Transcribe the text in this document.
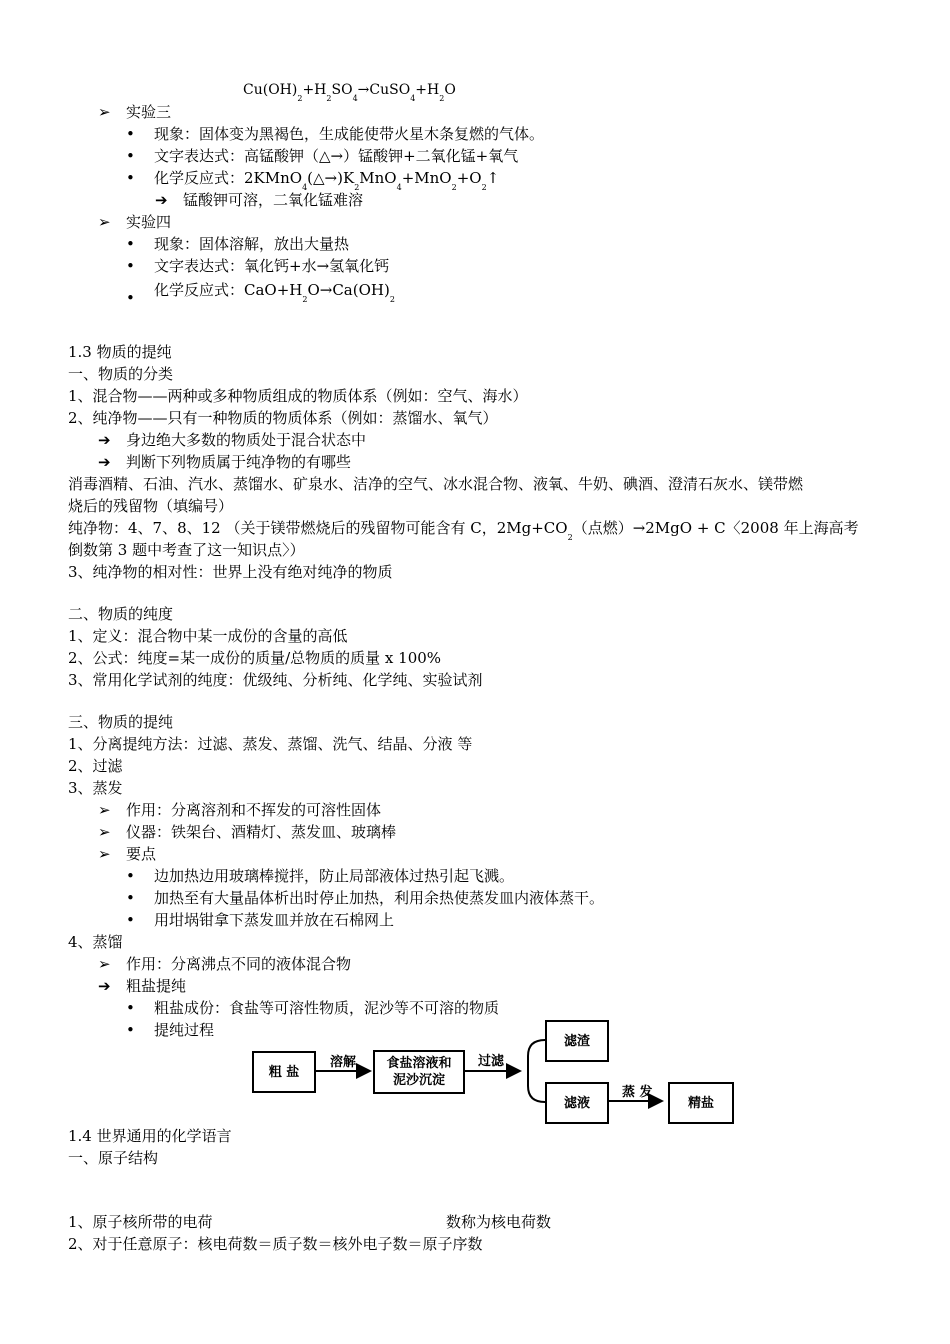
$Cu(OH)_2+H_2SO_4\to CuSO_4+H_2O$
➢ 实验三
• 现象：固体变为黑褐色，生成能使带火星木条复燃的气体。
• 文字表达式：高锰酸钾（△→）锰酸钾+二氧化锰+氧气
• 化学反应式：$2KMnO_4(\triangle\to)K_2MnO_4+MnO_2+O_2↑$
➔ 锰酸钾可溶，二氧化锰难溶
➢ 实验四
• 现象：固体溶解，放出大量热
• 文字表达式：氧化钙+水→氢氧化钙
• 化学反应式：$CaO+H_2O\to Ca(OH)_2$
1.3 物质的提纯
一、物质的分类
1、混合物——两种或多种物质组成的物质体系（例如：空气、海水）
2、纯净物——只有一种物质的物质体系（例如：蒸馏水、氧气）
➔ 身边绝大多数的物质处于混合状态中
➔ 判断下列物质属于纯净物的有哪些
消毒酒精、石油、汽水、蒸馏水、矿泉水、洁净的空气、冰水混合物、液氧、牛奶、碘酒、澄清石灰水、镁带燃
烧后的残留物（填编号）
纯净物：4、7、8、12 （关于镁带燃烧后的残留物可能含有 C，$2Mg+CO_2$（点燃）→2MgO + C〈2008 年上海高考
倒数第 3 题中考查了这一知识点〉）
3、纯净物的相对性：世界上没有绝对纯净的物质
二、物质的纯度
1、定义：混合物中某一成份的含量的高低
2、公式：纯度=某一成份的质量/总物质的质量 x 100%
3、常用化学试剂的纯度：优级纯、分析纯、化学纯、实验试剂
三、物质的提纯
1、分离提纯方法：过滤、蒸发、蒸馏、洗气、结晶、分液 等
2、过滤
3、蒸发
➢ 作用：分离溶剂和不挥发的可溶性固体
➢ 仪器：铁架台、酒精灯、蒸发皿、玻璃棒
➢ 要点
• 边加热边用玻璃棒搅拌，防止局部液体过热引起飞溅。
• 加热至有大量晶体析出时停止加热，利用余热使蒸发皿内液体蒸干。
• 用坩埚钳拿下蒸发皿并放在石棉网上
4、蒸馏
➢ 作用：分离沸点不同的液体混合物
➔ 粗盐提纯
• 粗盐成份：食盐等可溶性物质，泥沙等不可溶的物质
• 提纯过程
粗 盐
溶解 食盐溶液和
泥沙沉淀
过滤
滤渣
滤液
蒸 发
精盐
1.4 世界通用的化学语言
一、原子结构
1、原子核所带的电荷	数称为核电荷数
2、对于任意原子：核电荷数＝质子数＝核外电子数＝原子序数
